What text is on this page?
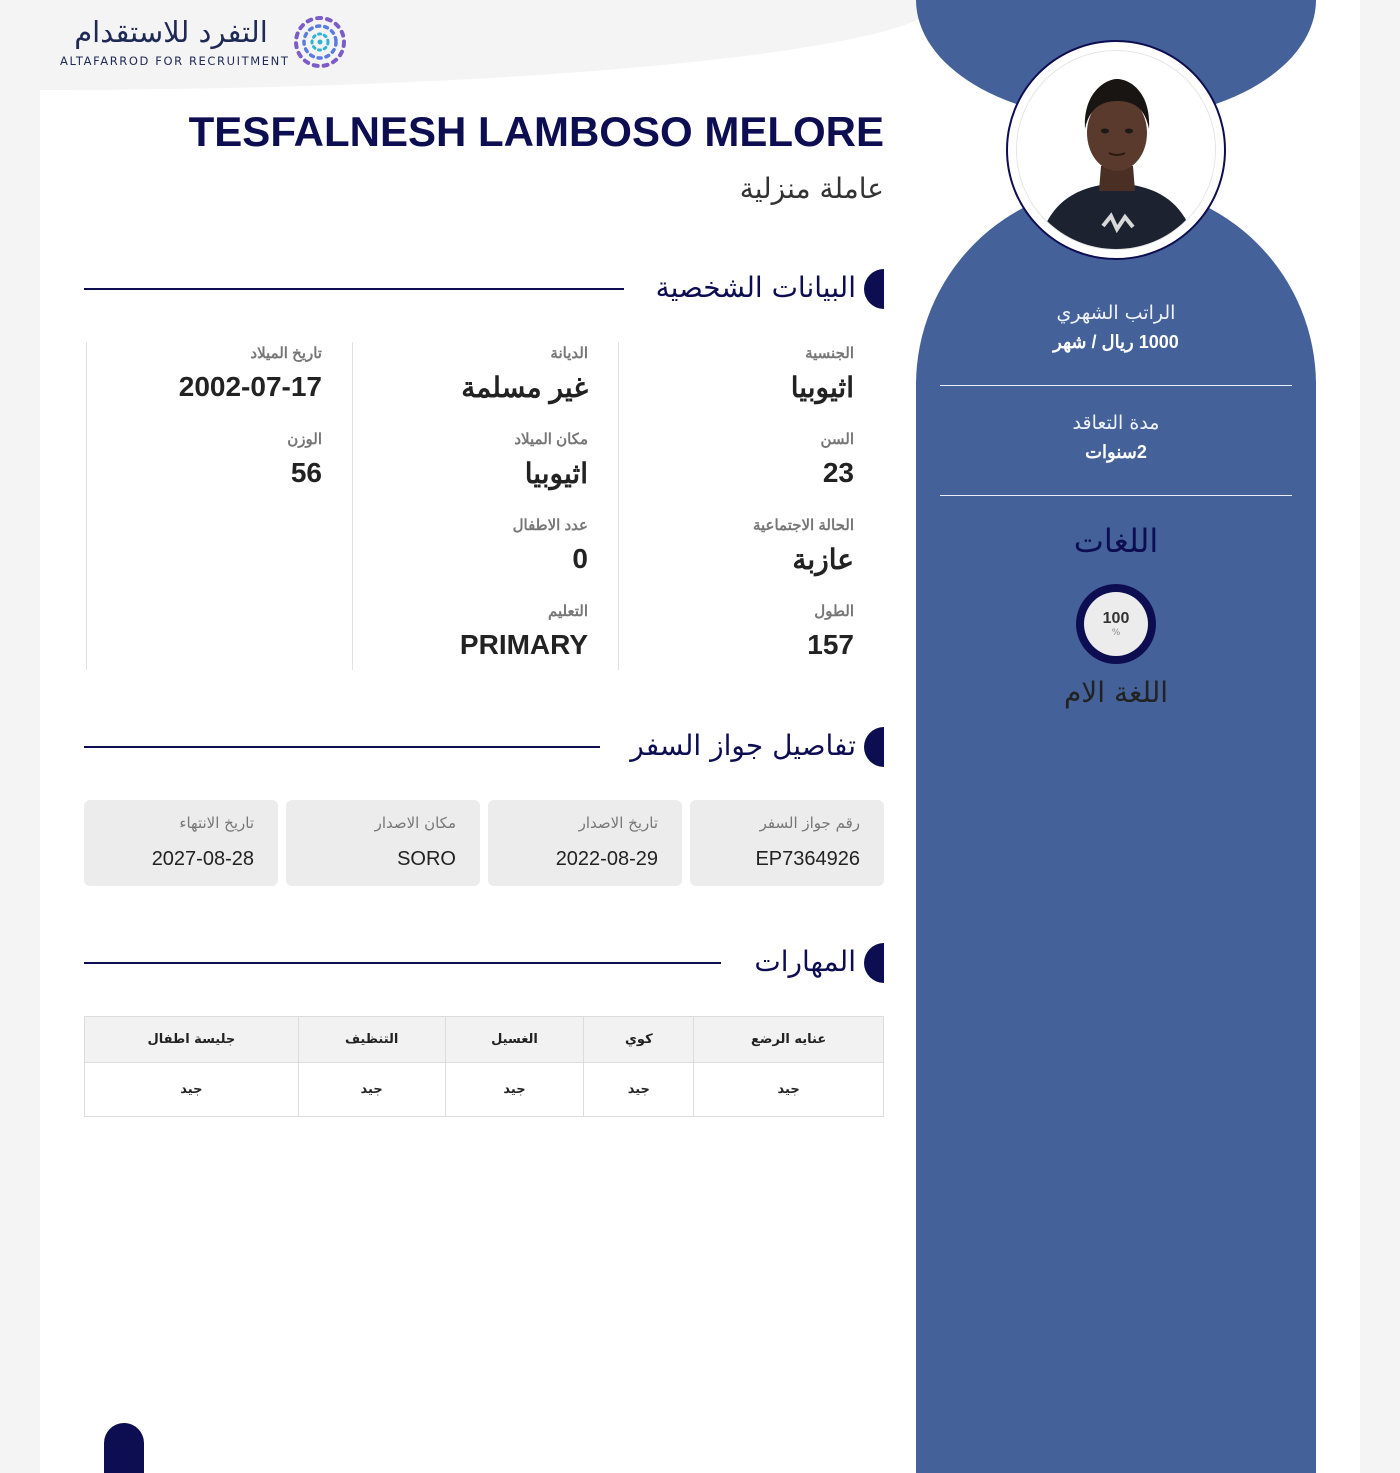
التفرد للاستقدام
ALTAFARROD FOR RECRUITMENT
الراتب الشهري
1000 ريال / شهر
مدة التعاقد
2سنوات
اللغات
100
%
اللغة الام
TESFALNESH LAMBOSO MELORE
عاملة منزلية
البيانات الشخصية
الجنسية
اثيوبيا
السن
23
الحالة الاجتماعية
عازبة
الطول
157
الديانة
غير مسلمة
مكان الميلاد
اثيوبيا
عدد الاطفال
0
التعليم
PRIMARY
تاريخ الميلاد
2002-07-17
الوزن
56
تفاصيل جواز السفر
رقم جواز السفر
EP7364926
تاريخ الاصدار
2022-08-29
مكان الاصدار
SORO
تاريخ الانتهاء
2027-08-28
المهارات
عنايه الرضع	كوي	الغسيل	التنظيف	جليسة اطفال
جيد	جيد	جيد	جيد	جيد
